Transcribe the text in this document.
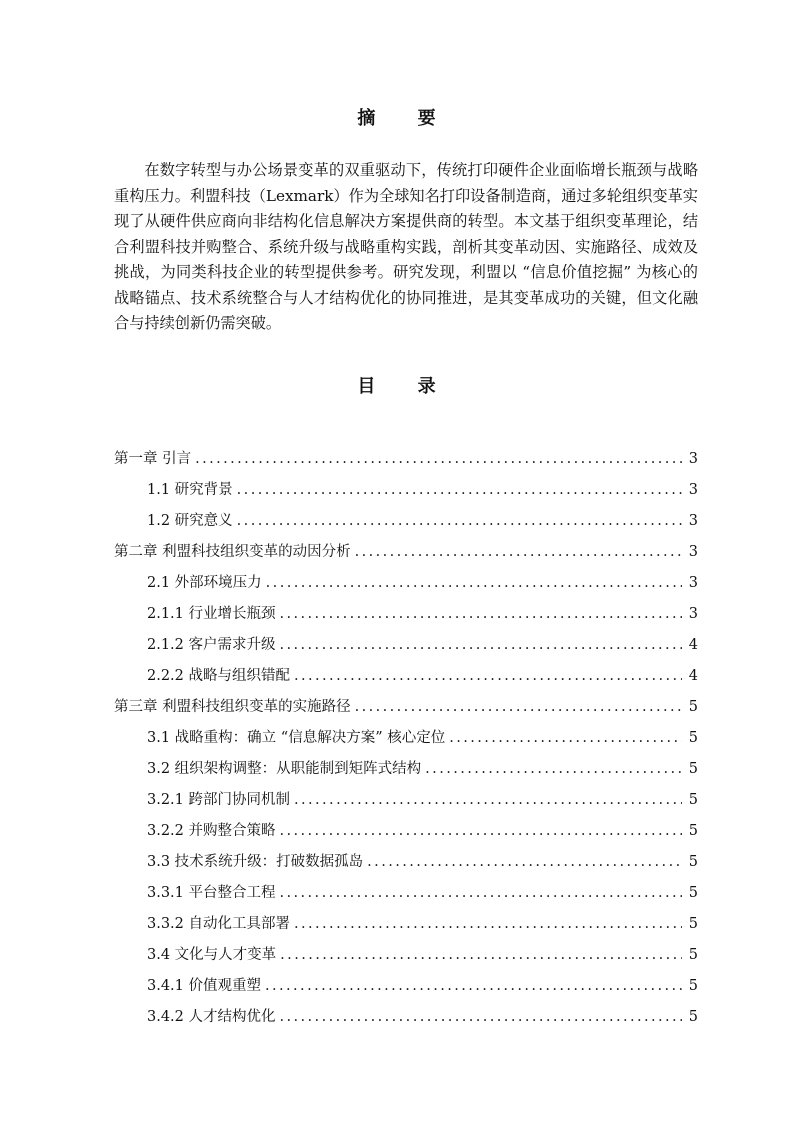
摘 要

在数字转型与办公场景变革的双重驱动下，传统打印硬件企业面临增长瓶颈与战略重构压力。利盟科技（Lexmark）作为全球知名打印设备制造商，通过多轮组织变革实现了从硬件供应商向非结构化信息解决方案提供商的转型。本文基于组织变革理论，结合利盟科技并购整合、系统升级与战略重构实践，剖析其变革动因、实施路径、成效及挑战，为同类科技企业的转型提供参考。研究发现，利盟以 “信息价值挖掘” 为核心的战略锚点、技术系统整合与人才结构优化的协同推进，是其变革成功的关键，但文化融合与持续创新仍需突破。

目 录
第一章 引言 .....	3
1.1 研究背景 .....	3
1.2 研究意义 .....	3
第二章 利盟科技组织变革的动因分析 .....	3
2.1 外部环境压力 .....	3
2.1.1 行业增长瓶颈 .....	3
2.1.2 客户需求升级 .....	4
2.2.2 战略与组织错配 .....	4
第三章 利盟科技组织变革的实施路径 .....	5
3.1 战略重构：确立 “信息解决方案” 核心定位 .....	5
3.2 组织架构调整：从职能制到矩阵式结构 .....	5
3.2.1 跨部门协同机制 .....	5
3.2.2 并购整合策略 .....	5
3.3 技术系统升级：打破数据孤岛 .....	5
3.3.1 平台整合工程 .....	5
3.3.2 自动化工具部署 .....	5
3.4 文化与人才变革 .....	5
3.4.1 价值观重塑 .....	5
3.4.2 人才结构优化 .....	5
